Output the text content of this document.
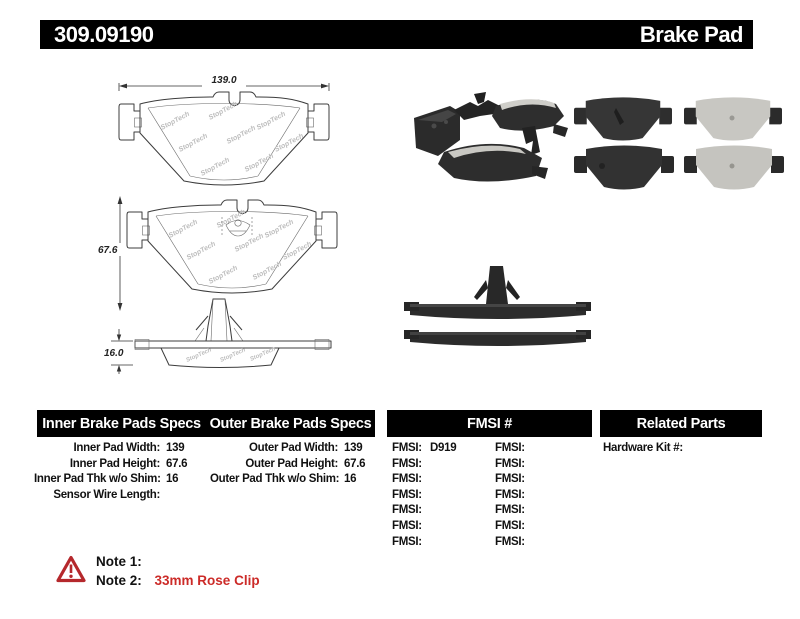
309.09190	Brake Pad
139.0
67.6
StopTech StopTech StopTech
16.0
Inner Brake Pads Specs Outer Brake Pads Specs	FMSI #	Related Parts
Inner Pad Width: 139
Inner Pad Height: 67.6
Inner Pad Thk w/o Shim: 16
Sensor Wire Length:
Outer Pad Width: 139
Outer Pad Height: 67.6
Outer Pad Thk w/o Shim: 16
FMSI: D919
FMSI:
FMSI:
FMSI:
FMSI:
FMSI:
FMSI:
FMSI:
FMSI:
FMSI:
FMSI:
FMSI:
FMSI:
FMSI:
Hardware Kit #:
Note 1:
Note 2: 33mm Rose Clip
